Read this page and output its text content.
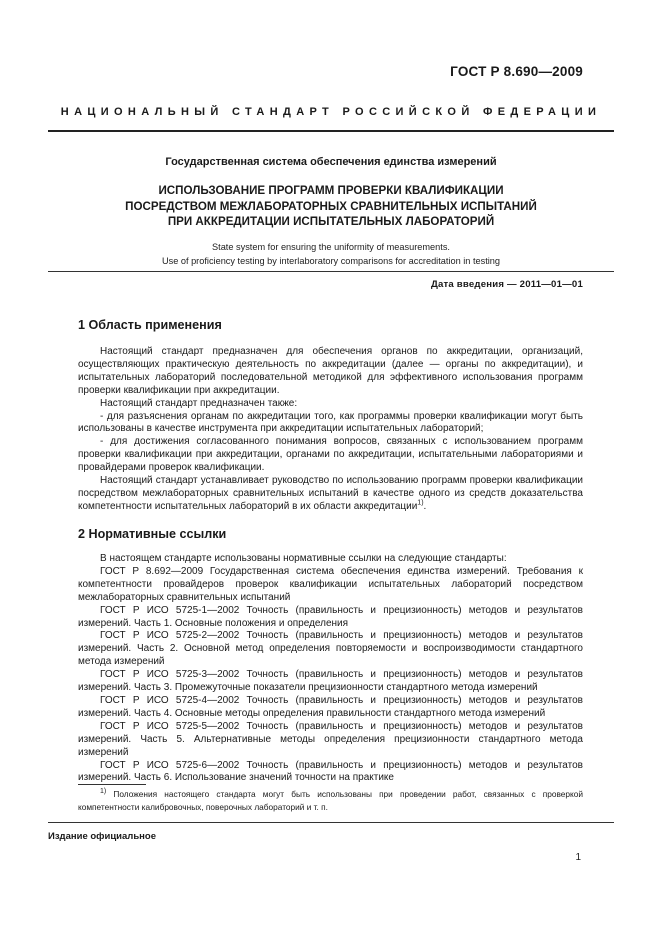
ГОСТ Р 8.690—2009
НАЦИОНАЛЬНЫЙ СТАНДАРТ РОССИЙСКОЙ ФЕДЕРАЦИИ
Государственная система обеспечения единства измерений
ИСПОЛЬЗОВАНИЕ ПРОГРАММ ПРОВЕРКИ КВАЛИФИКАЦИИ
ПОСРЕДСТВОМ МЕЖЛАБОРАТОРНЫХ СРАВНИТЕЛЬНЫХ ИСПЫТАНИЙ
ПРИ АККРЕДИТАЦИИ ИСПЫТАТЕЛЬНЫХ ЛАБОРАТОРИЙ
State system for ensuring the uniformity of measurements.
Use of proficiency testing by interlaboratory comparisons for accreditation in testing
Дата введения — 2011—01—01
1 Область применения

Настоящий стандарт предназначен для обеспечения органов по аккредитации, организаций, осуществляющих практическую деятельность по аккредитации (далее — органы по аккредитации), и испытательных лабораторий последовательной методикой для эффективного использования программ проверки квалификации при аккредитации.

Настоящий стандарт предназначен также:

- для разъяснения органам по аккредитации того, как программы проверки квалификации могут быть использованы в качестве инструмента при аккредитации испытательных лабораторий;

- для достижения согласованного понимания вопросов, связанных с использованием программ проверки квалификации при аккредитации, органами по аккредитации, испытательными лабораториями и провайдерами проверок квалификации.

Настоящий стандарт устанавливает руководство по использованию программ проверки квалификации посредством межлабораторных сравнительных испытаний в качестве одного из средств доказательства компетентности испытательных лабораторий в их области аккредитации$^{1)}$.

2 Нормативные ссылки

В настоящем стандарте использованы нормативные ссылки на следующие стандарты:

ГОСТ Р 8.692—2009 Государственная система обеспечения единства измерений. Требования к компетентности провайдеров проверок квалификации испытательных лабораторий посредством межлабораторных сравнительных испытаний

ГОСТ Р ИСО 5725-1—2002 Точность (правильность и прецизионность) методов и результатов измерений. Часть 1. Основные положения и определения

ГОСТ Р ИСО 5725-2—2002 Точность (правильность и прецизионность) методов и результатов измерений. Часть 2. Основной метод определения повторяемости и воспроизводимости стандартного метода измерений

ГОСТ Р ИСО 5725-3—2002 Точность (правильность и прецизионность) методов и результатов измерений. Часть 3. Промежуточные показатели прецизионности стандартного метода измерений

ГОСТ Р ИСО 5725-4—2002 Точность (правильность и прецизионность) методов и результатов измерений. Часть 4. Основные методы определения правильности стандартного метода измерений

ГОСТ Р ИСО 5725-5—2002 Точность (правильность и прецизионность) методов и результатов измерений. Часть 5. Альтернативные методы определения прецизионности стандартного метода измерений

ГОСТ Р ИСО 5725-6—2002 Точность (правильность и прецизионность) методов и результатов измерений. Часть 6. Использование значений точности на практике

$^{1)}$ Положения настоящего стандарта могут быть использованы при проведении работ, связанных с проверкой компетентности калибровочных, поверочных лабораторий и т. п.

Издание официальное
1
